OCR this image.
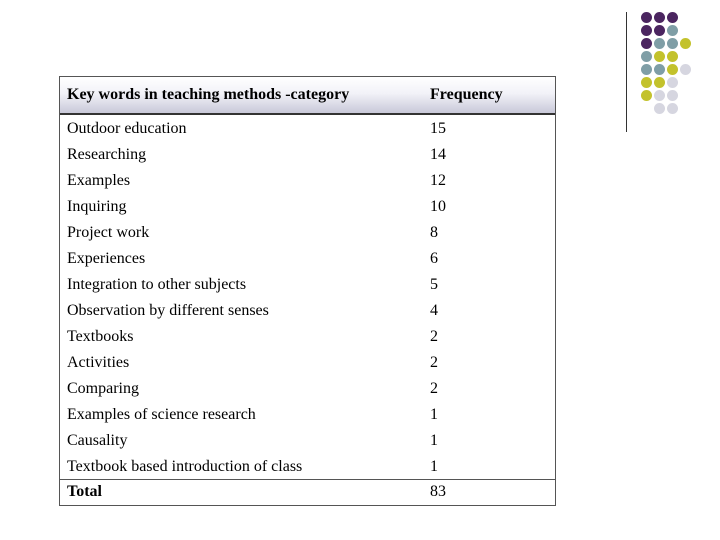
Key words in teaching methods -category	Frequency
Outdoor education	15
Researching	14
Examples	12
Inquiring	10
Project work	8
Experiences	6
Integration to other subjects	5
Observation by different senses	4
Textbooks	2
Activities	2
Comparing	2
Examples of science research	1
Causality	1
Textbook based introduction of class	1
Total	83
